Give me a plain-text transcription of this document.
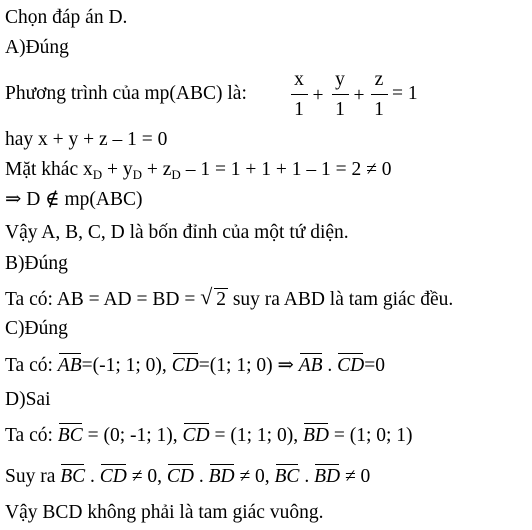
Chọn đáp án D.
A)Đúng
Phương trình của mp(ABC) là:
x
1
+
y
1
+
z
1
= 1
hay x + y + z – 1 = 0
Mặt khác $x_D + y_D + z_D - 1 = 1 + 1 + 1 - 1 = 2 \ne 0$
⇒ D ∉ mp(ABC)
Vậy A, B, C, D là bốn đỉnh của một tứ diện.
B)Đúng
Ta có: AB = AD = BD = √ 2 suy ra ABD là tam giác đều.
C)Đúng
Ta có: AB=(-1; 1; 0), CD=(1; 1; 0) ⇒ AB . CD=0
D)Sai
Ta có: BC = (0; -1; 1), CD = (1; 1; 0), BD = (1; 0; 1)
Suy ra BC . CD ≠ 0, CD . BD ≠ 0, BC . BD ≠ 0
Vậy BCD không phải là tam giác vuông.
